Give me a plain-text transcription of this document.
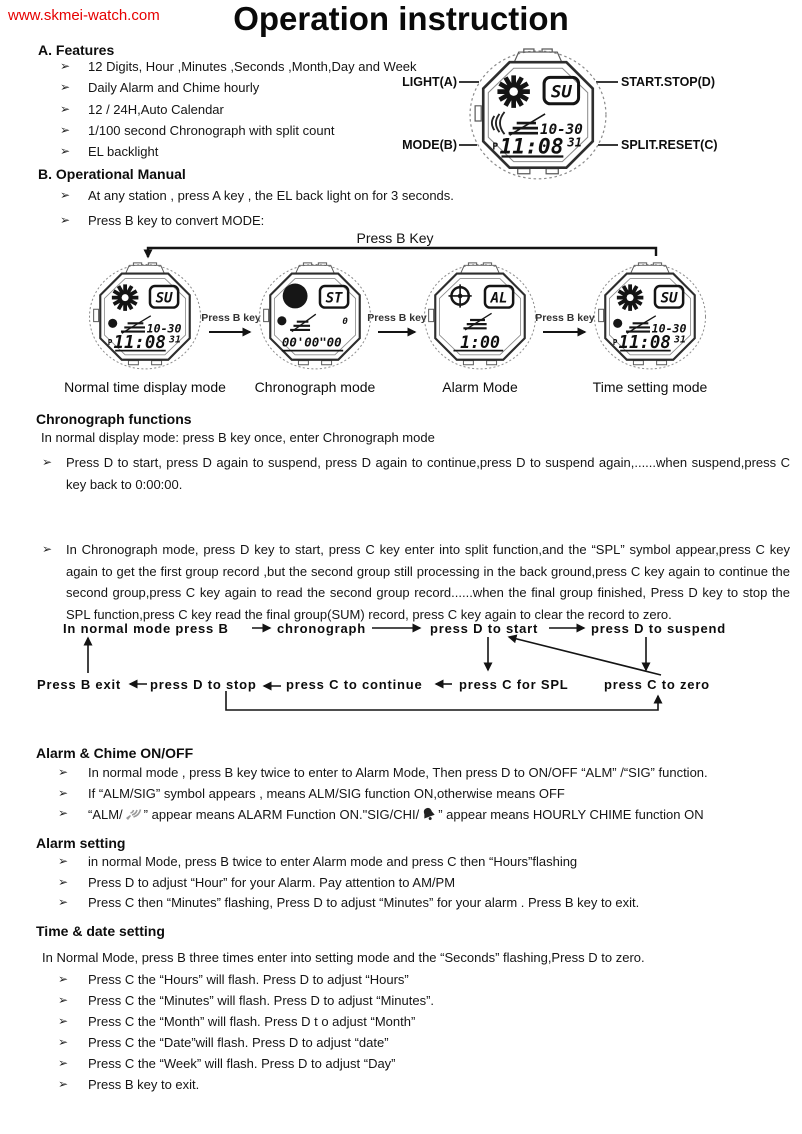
www.skmei-watch.com	Operation instruction
A. Features
➢ 12 Digits, Hour ,Minutes ,Seconds ,Month,Day and Week
➢ Daily Alarm and Chime hourly
➢ 12 / 24H,Auto Calendar
➢ 1/100 second Chronograph with split count
➢ EL backlight
LIGHT(A)	START.STOP(D)
MODE(B)	SPLIT.RESET(C)
SU
10-30
P 11:08 31
B. Operational Manual
➢ At any station , press A key , the EL back light on for 3 seconds.
➢ Press B key to convert MODE:
Press B Key
Press B key	Press B key	Press B key
SU
10-30
P 11:08 31
ST
0
00'00"00
AL
1:00
SU
10-30
P 11:08 31
Normal time display mode	Chronograph mode	Alarm Mode	Time setting mode
Chronograph functions
In normal display mode: press B key once, enter Chronograph mode
➢ Press D to start, press D again to suspend, press D again to continue,press D to suspend again,......when suspend,press C key back to 0:00:00.
➢ In Chronograph mode, press D key to start, press C key enter into split function,and the “SPL” symbol appear,press C key again to get the first group record ,but the second group still processing in the back ground,press C key again to continue the second group,press C key again to read the second group record......when the final group finished, Press D key to stop the SPL function,press C key read the final group(SUM) record, press C key again to clear the record to zero.
In normal mode press B	chronograph	press D to start	press D to suspend
Press B exit press D to stop press C to continue	press C for SPL	press C to zero
Alarm & Chime ON/OFF
➢ In normal mode , press B key twice to enter to Alarm Mode, Then press D to ON/OFF “ALM” /“SIG” function.
➢ If “ALM/SIG” symbol appears , means ALM/SIG function ON,otherwise means OFF
➢ “ALM/ ” appear means ALARM Function ON."SIG/CHI/ ” appear means HOURLY CHIME function ON
Alarm setting
➢ in normal Mode, press B twice to enter Alarm mode and press C then “Hours”flashing
➢ Press D to adjust “Hour” for your Alarm. Pay attention to AM/PM
➢ Press C then “Minutes” flashing, Press D to adjust “Minutes” for your alarm . Press B key to exit.
Time & date setting
In Normal Mode, press B three times enter into setting mode and the “Seconds” flashing,Press D to zero.
➢ Press C the “Hours” will flash. Press D to adjust “Hours”
➢ Press C the “Minutes” will flash. Press D to adjust “Minutes”.
➢ Press C the “Month” will flash. Press D t o adjust “Month”
➢ Press C the “Date”will flash. Press D to adjust “date”
➢ Press C the “Week” will flash. Press D to adjust “Day”
➢ Press B key to exit.
